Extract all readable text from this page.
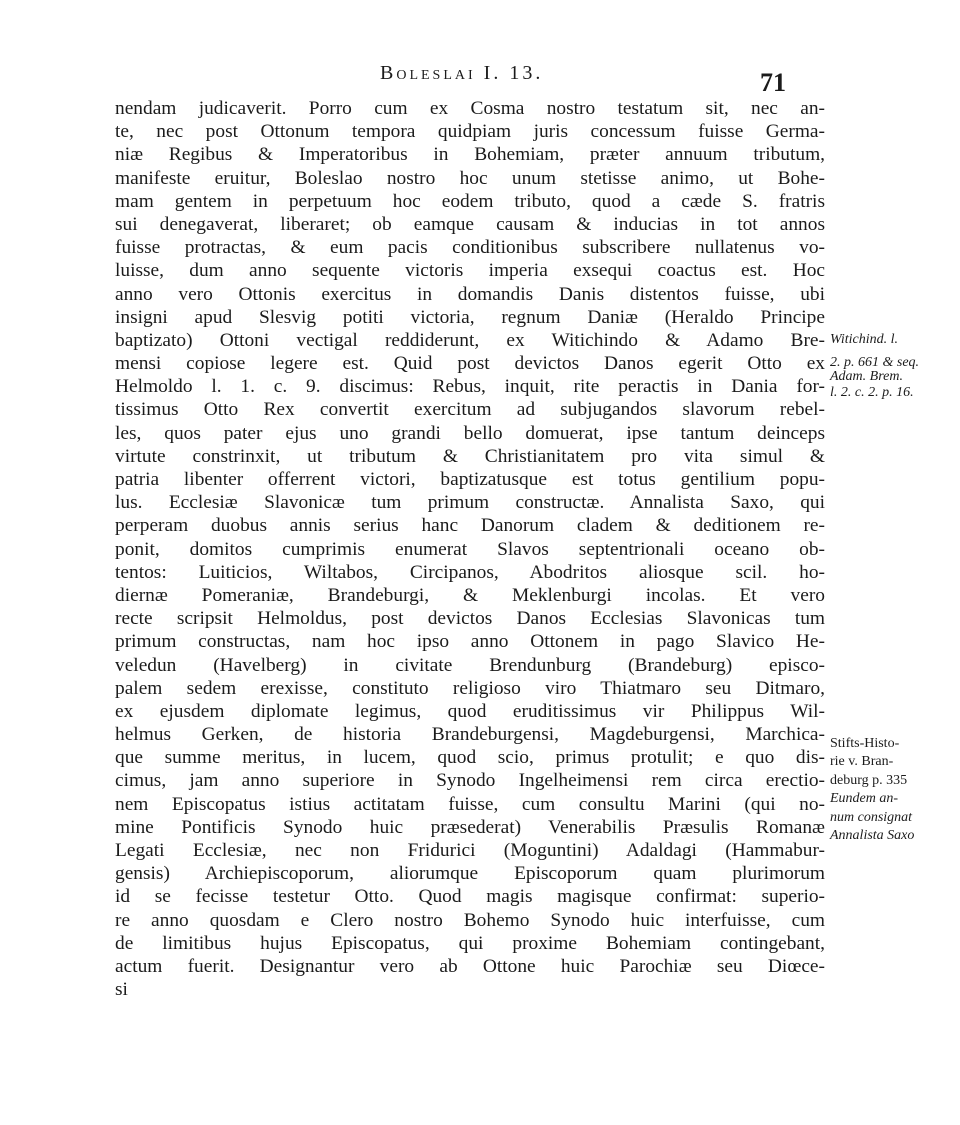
Boleslai I. 13.	71
nendam judicaverit. Porro cum ex Cosma nostro testatum sit, nec an-
te, nec post Ottonum tempora quidpiam juris concessum fuisse Germa-
niæ Regibus & Imperatoribus in Bohemiam, præter annuum tributum,
manifeste eruitur, Boleslao nostro hoc unum stetisse animo, ut Bohe-
mam gentem in perpetuum hoc eodem tributo, quod a cæde S. fratris
sui denegaverat, liberaret; ob eamque causam & inducias in tot annos
fuisse protractas, & eum pacis conditionibus subscribere nullatenus vo-
luisse, dum anno sequente victoris imperia exsequi coactus est. Hoc
anno vero Ottonis exercitus in domandis Danis distentos fuisse, ubi
insigni apud Slesvig potiti victoria, regnum Daniæ (Heraldo Principe
baptizato) Ottoni vectigal reddiderunt, ex Witichindo & Adamo Bre-
mensi copiose legere est. Quid post devictos Danos egerit Otto ex
Helmoldo l. 1. c. 9. discimus: Rebus, inquit, rite peractis in Dania for-
tissimus Otto Rex convertit exercitum ad subjugandos slavorum rebel-
les, quos pater ejus uno grandi bello domuerat, ipse tantum deinceps
virtute constrinxit, ut tributum & Christianitatem pro vita simul &
patria libenter offerrent victori, baptizatusque est totus gentilium popu-
lus. Ecclesiæ Slavonicæ tum primum constructæ. Annalista Saxo, qui
perperam duobus annis serius hanc Danorum cladem & deditionem re-
ponit, domitos cumprimis enumerat Slavos septentrionali oceano ob-
tentos: Luiticios, Wiltabos, Circipanos, Abodritos aliosque scil. ho-
diernæ Pomeraniæ, Brandeburgi, & Meklenburgi incolas. Et vero
recte scripsit Helmoldus, post devictos Danos Ecclesias Slavonicas tum
primum constructas, nam hoc ipso anno Ottonem in pago Slavico He-
veledun (Havelberg) in civitate Brendunburg (Brandeburg) episco-
palem sedem erexisse, constituto religioso viro Thiatmaro seu Ditmaro,
ex ejusdem diplomate legimus, quod eruditissimus vir Philippus Wil-
helmus Gerken, de historia Brandeburgensi, Magdeburgensi, Marchica-
que summe meritus, in lucem, quod scio, primus protulit; e quo dis-
cimus, jam anno superiore in Synodo Ingelheimensi rem circa erectio-
nem Episcopatus istius actitatam fuisse, cum consultu Marini (qui no-
mine Pontificis Synodo huic præsederat) Venerabilis Præsulis Romanæ
Legati Ecclesiæ, nec non Fridurici (Moguntini) Adaldagi (Hammabur-
gensis) Archiepiscoporum, aliorumque Episcoporum quam plurimorum
id se fecisse testetur Otto. Quod magis magisque confirmat: superio-
re anno quosdam e Clero nostro Bohemo Synodo huic interfuisse, cum
de limitibus hujus Episcopatus, qui proxime Bohemiam contingebant,
actum fuerit. Designantur vero ab Ottone huic Parochiæ seu Diœce-
si
Witichind. l.
2. p. 661 & seq.
Adam. Brem.
l. 2. c. 2. p. 16.
Stifts-Histo-
rie v. Bran-
deburg p. 335
Eundem an-
num consignat
Annalista Saxo
